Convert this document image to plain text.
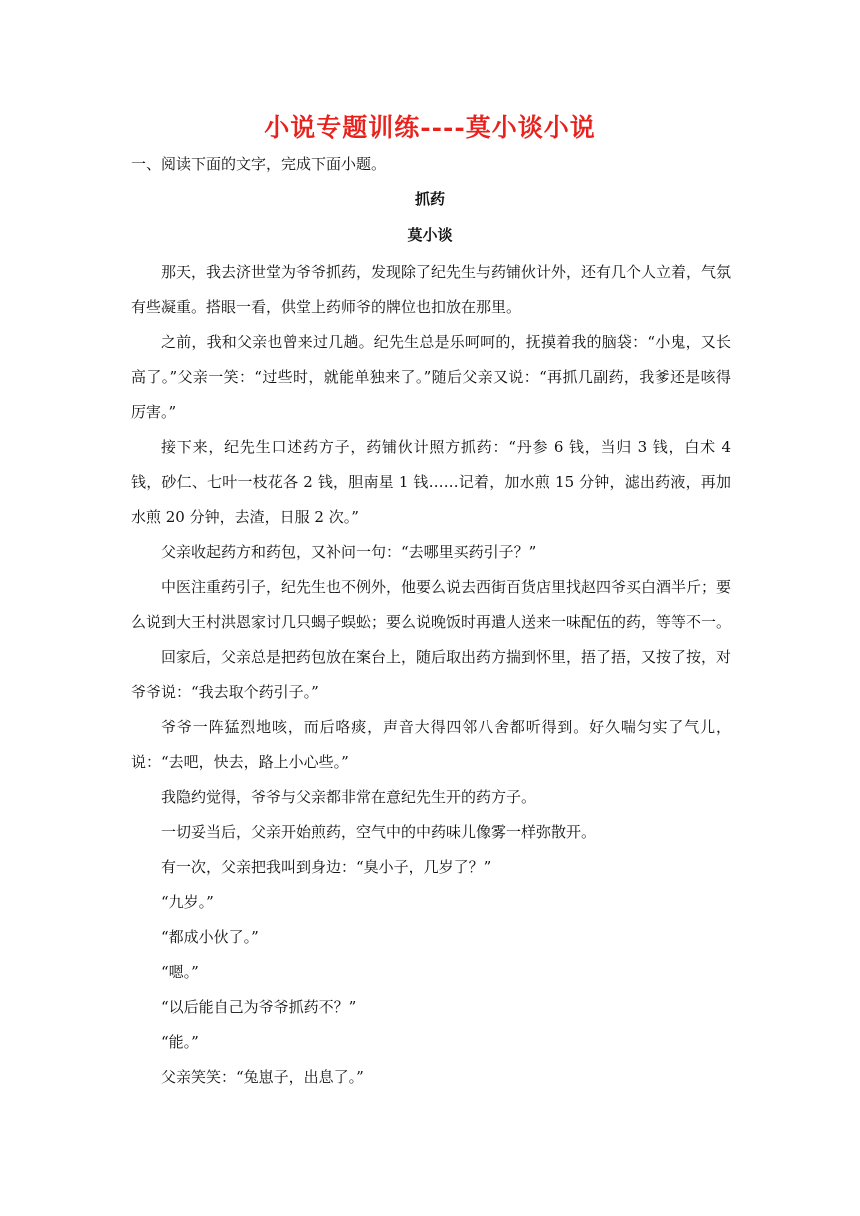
小说专题训练----莫小谈小说
一、阅读下面的文字，完成下面小题。
抓药
莫小谈

那天，我去济世堂为爷爷抓药，发现除了纪先生与药铺伙计外，还有几个人立着，气氛有些凝重。搭眼一看，供堂上药师爷的牌位也扣放在那里。

之前，我和父亲也曾来过几趟。纪先生总是乐呵呵的，抚摸着我的脑袋：“小鬼，又长高了。”父亲一笑：“过些时，就能单独来了。”随后父亲又说：“再抓几副药，我爹还是咳得厉害。”

接下来，纪先生口述药方子，药铺伙计照方抓药：“丹参 6 钱，当归 3 钱，白术 4 钱，砂仁、七叶一枝花各 2 钱，胆南星 1 钱……记着，加水煎 15 分钟，滤出药液，再加水煎 20 分钟，去渣，日服 2 次。”

父亲收起药方和药包，又补问一句：“去哪里买药引子？”

中医注重药引子，纪先生也不例外，他要么说去西街百货店里找赵四爷买白酒半斤；要么说到大王村洪恩家讨几只蝎子蜈蚣；要么说晚饭时再遣人送来一味配伍的药，等等不一。

回家后，父亲总是把药包放在案台上，随后取出药方揣到怀里，捂了捂，又按了按，对爷爷说：“我去取个药引子。”

爷爷一阵猛烈地咳，而后咯痰，声音大得四邻八舍都听得到。好久喘匀实了气儿，说：“去吧，快去，路上小心些。”

我隐约觉得，爷爷与父亲都非常在意纪先生开的药方子。

一切妥当后，父亲开始煎药，空气中的中药味儿像雾一样弥散开。

有一次，父亲把我叫到身边：“臭小子，几岁了？”

“九岁。”

“都成小伙了。”

“嗯。”

“以后能自己为爷爷抓药不？”

“能。”

父亲笑笑：“兔崽子，出息了。”
